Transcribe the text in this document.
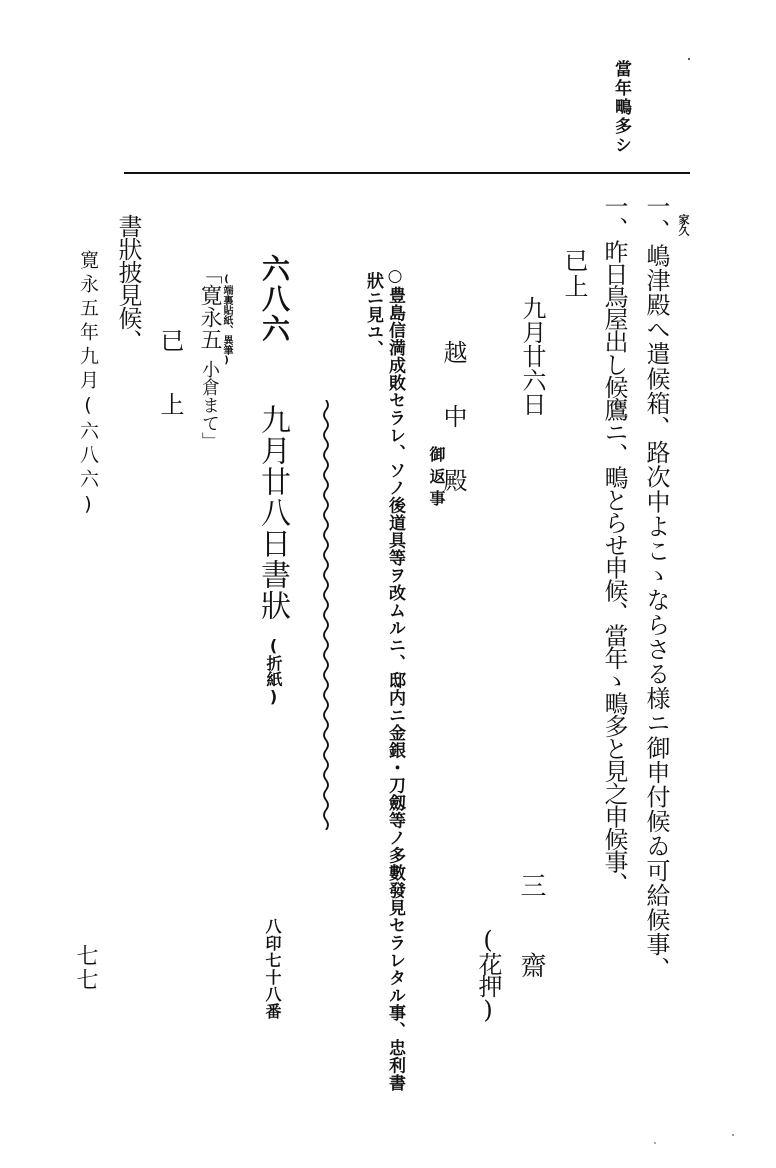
當年鴫多シ
家久
一、嶋津殿へ遣候箱、路次中よこゝならさる様ニ御申付候ゐ可給候事、
一、昨日鳥屋出し候鷹ニ、鴫とらせ申候、當年ゝ鴫多と見之申候事、
已上
九月廿六日
三 齋
(花押)
越 中 殿
御返事
○豊島信満成敗セラレ、ソノ後道具等ヲ改ムルニ、邸内ニ金銀・刀劔等ノ多數發見セラレタル事、忠利書
狀ニ見ユ、
六八六
九月廿八日書狀
(折紙)
八印七十八番
(端裏貼紙、異筆)
「寛永五
小倉まて」
已 上
書狀披見候、
寛永五年九月(六八六)
七七
